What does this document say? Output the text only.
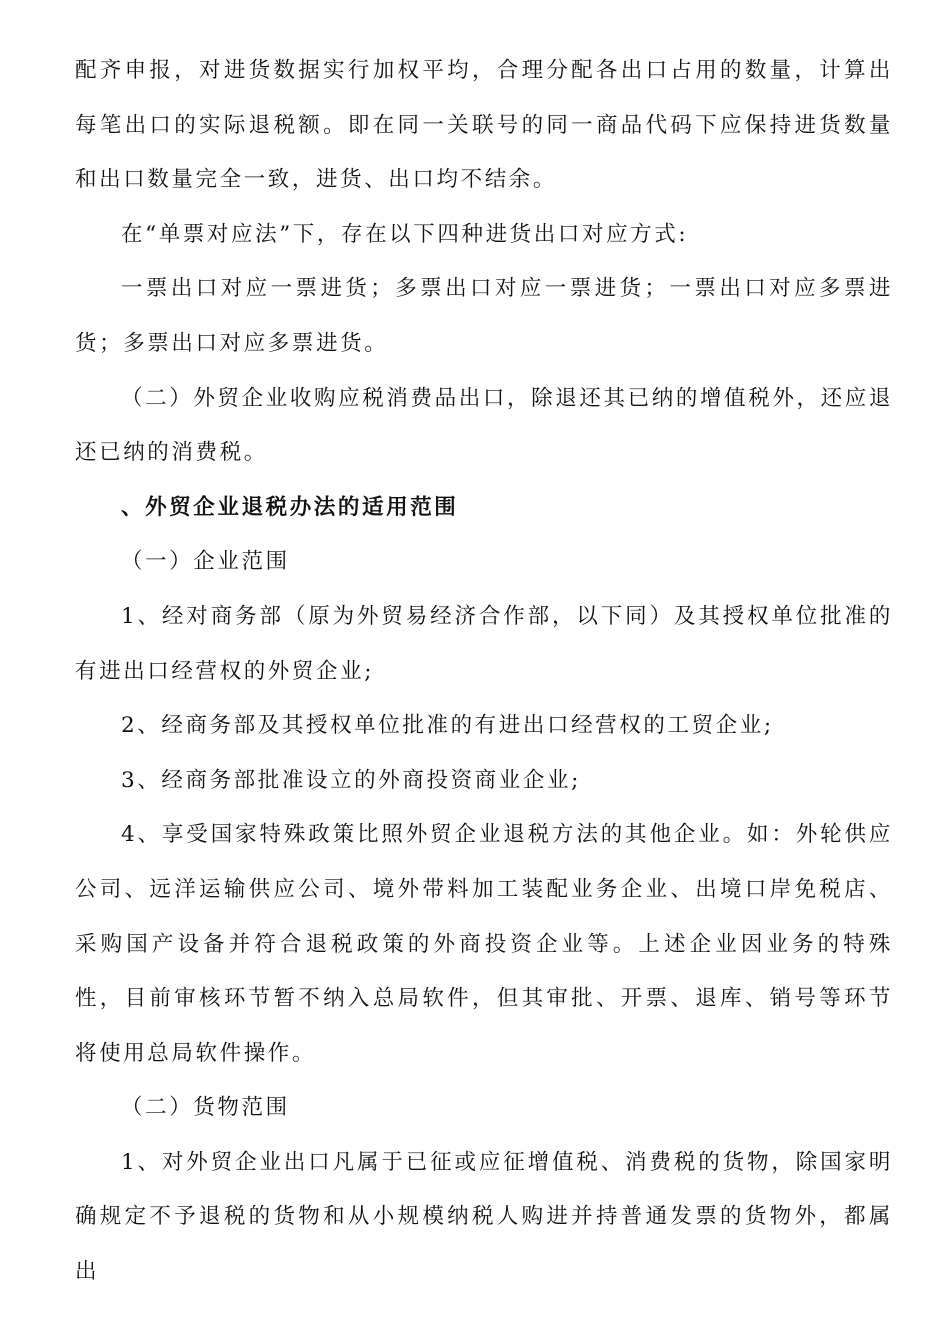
配齐申报，对进货数据实行加权平均，合理分配各出口占用的数量，计算出每笔出口的实际退税额。即在同一关联号的同一商品代码下应保持进货数量和出口数量完全一致，进货、出口均不结余。

在“单票对应法”下，存在以下四种进货出口对应方式:

一票出口对应一票进货；多票出口对应一票进货；一票出口对应多票进货；多票出口对应多票进货。

（二）外贸企业收购应税消费品出口，除退还其已纳的增值税外，还应退还已纳的消费税。

、外贸企业退税办法的适用范围

（一）企业范围

1、经对商务部（原为外贸易经济合作部，以下同）及其授权单位批准的有进出口经营权的外贸企业;

2、经商务部及其授权单位批准的有进出口经营权的工贸企业;

3、经商务部批准设立的外商投资商业企业;

4、享受国家特殊政策比照外贸企业退税方法的其他企业。如：外轮供应公司、远洋运输供应公司、境外带料加工装配业务企业、出境口岸免税店、采购国产设备并符合退税政策的外商投资企业等。上述企业因业务的特殊性，目前审核环节暂不纳入总局软件，但其审批、开票、退库、销号等环节将使用总局软件操作。

（二）货物范围

1、对外贸企业出口凡属于已征或应征增值税、消费税的货物，除国家明确规定不予退税的货物和从小规模纳税人购进并持普通发票的货物外，都属出
